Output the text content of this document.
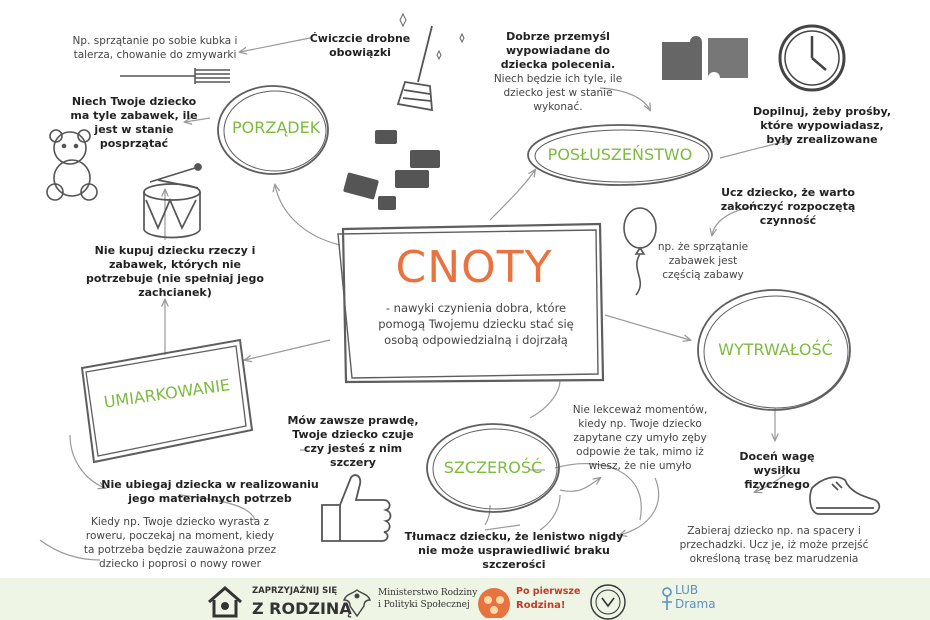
CNOTY
- nawyki czynienia dobra, które pomogą Twojemu dziecku stać się osobą odpowiedzialną i dojrzałą
PORZĄDEK
POSŁUSZEŃSTWO
WYTRWAŁOŚĆ
SZCZEROŚĆ
UMIARKOWANIE
Ćwiczcie drobne obowiązki
Np. sprzątanie po sobie kubka i talerza, chowanie do zmywarki
Niech Twoje dziecko ma tyle zabawek, ile jest w stanie posprzątać
Nie kupuj dziecku rzeczy i zabawek, których nie potrzebuje (nie spełniaj jego zachcianek)
Dobrze przemyśl wypowiadane do dziecka polecenia. Niech będzie ich tyle, ile dziecko jest w stanie wykonać.	Dopilnuj, żeby prośby, które wypowiadasz, były zrealizowane
Ucz dziecko, że warto zakończyć rozpoczętą czynność
np. że sprzątanie zabawek jest częścią zabawy
Doceń wagę wysiłku fizycznego
Zabieraj dziecko np. na spacery i przechadzki. Ucz je, iż może przejść określoną trasę bez marudzenia
Nie lekceważ momentów, kiedy np. Twoje dziecko zapytane czy umyło zęby odpowie że tak, mimo iż wiesz, że nie umyło
Mów zawsze prawdę, Twoje dziecko czuje czy jesteś z nim szczery
Tłumacz dziecku, że lenistwo nigdy nie może usprawiedliwić braku szczerości
Nie ubiegaj dziecka w realizowaniu jego materialnych potrzeb
Kiedy np. Twoje dziecko wyrasta z roweru, poczekaj na moment, kiedy ta potrzeba będzie zauważona przez dziecko i poprosi o nowy rower
ZAPRZYJAŹNIJ SIĘ
Z RODZINĄ
Ministerstwo Rodziny
i Polityki Społecznej
Po pierwsze
Rodzina!
LUB
Drama
